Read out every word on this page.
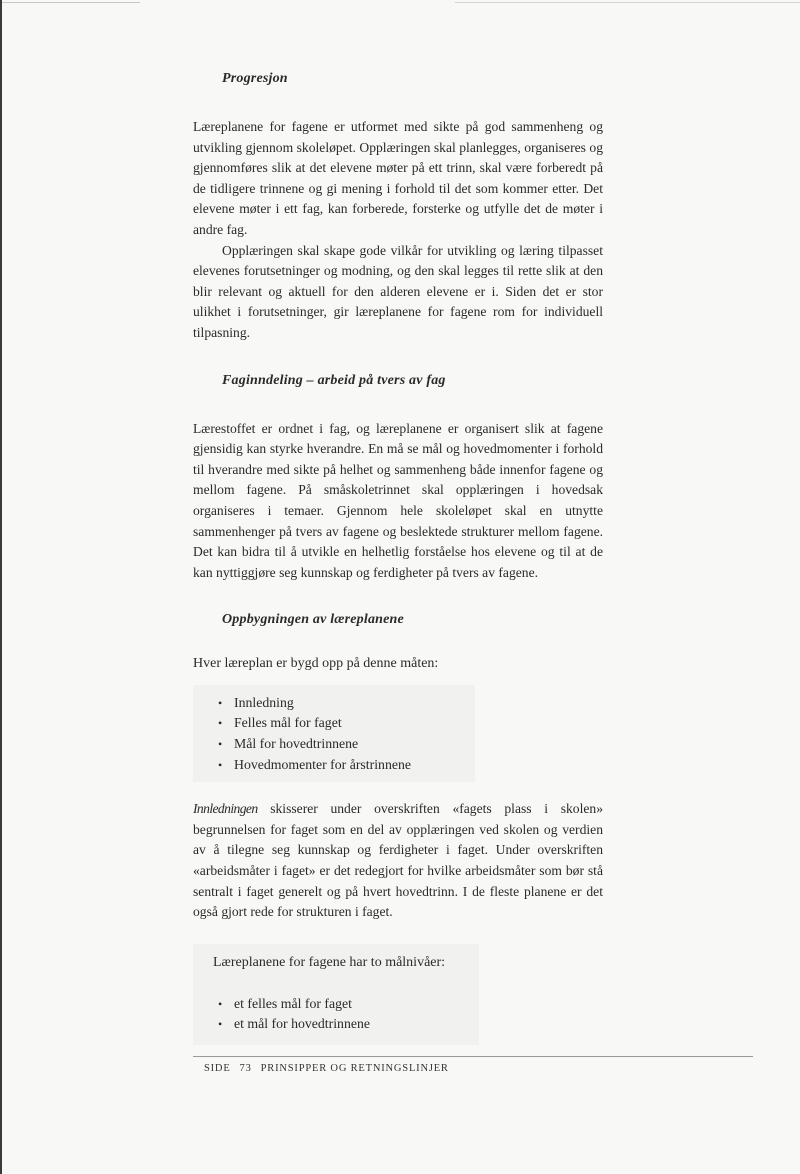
Progresjon

Læreplanene for fagene er utformet med sikte på god sammenheng og utvikling gjennom skoleløpet. Opplæringen skal planlegges, organiseres og gjennomføres slik at det elevene møter på ett trinn, skal være forberedt på de tidligere trinnene og gi mening i forhold til det som kommer etter. Det elevene møter i ett fag, kan forberede, forsterke og utfylle det de møter i andre fag.

Opplæringen skal skape gode vilkår for utvikling og læring tilpasset elevenes forutsetninger og modning, og den skal legges til rette slik at den blir relevant og aktuell for den alderen elevene er i. Siden det er stor ulikhet i forutsetninger, gir læreplanene for fagene rom for individuell tilpasning.

Faginndeling – arbeid på tvers av fag

Lærestoffet er ordnet i fag, og læreplanene er organisert slik at fagene gjensidig kan styrke hverandre. En må se mål og hovedmomenter i forhold til hverandre med sikte på helhet og sammenheng både innenfor fagene og mellom fagene. På småskoletrinnet skal opplæringen i hovedsak organiseres i temaer. Gjennom hele skoleløpet skal en utnytte sammenhenger på tvers av fagene og beslektede strukturer mellom fagene. Det kan bidra til å utvikle en helhetlig forståelse hos elevene og til at de kan nyttiggjøre seg kunnskap og ferdigheter på tvers av fagene.

Oppbygningen av læreplanene

Hver læreplan er bygd opp på denne måten:

• Innledning
• Felles mål for faget
• Mål for hovedtrinnene
• Hovedmomenter for årstrinnene

Innledningen skisserer under overskriften «fagets plass i skolen» begrunnelsen for faget som en del av opplæringen ved skolen og verdien av å tilegne seg kunnskap og ferdigheter i faget. Under overskriften «arbeidsmåter i faget» er det redegjort for hvilke arbeidsmåter som bør stå sentralt i faget generelt og på hvert hovedtrinn. I de fleste planene er det også gjort rede for strukturen i faget.

Læreplanene for fagene har to målnivåer:

• et felles mål for faget
• et mål for hovedtrinnene
SIDE 73 PRINSIPPER OG RETNINGSLINJER
